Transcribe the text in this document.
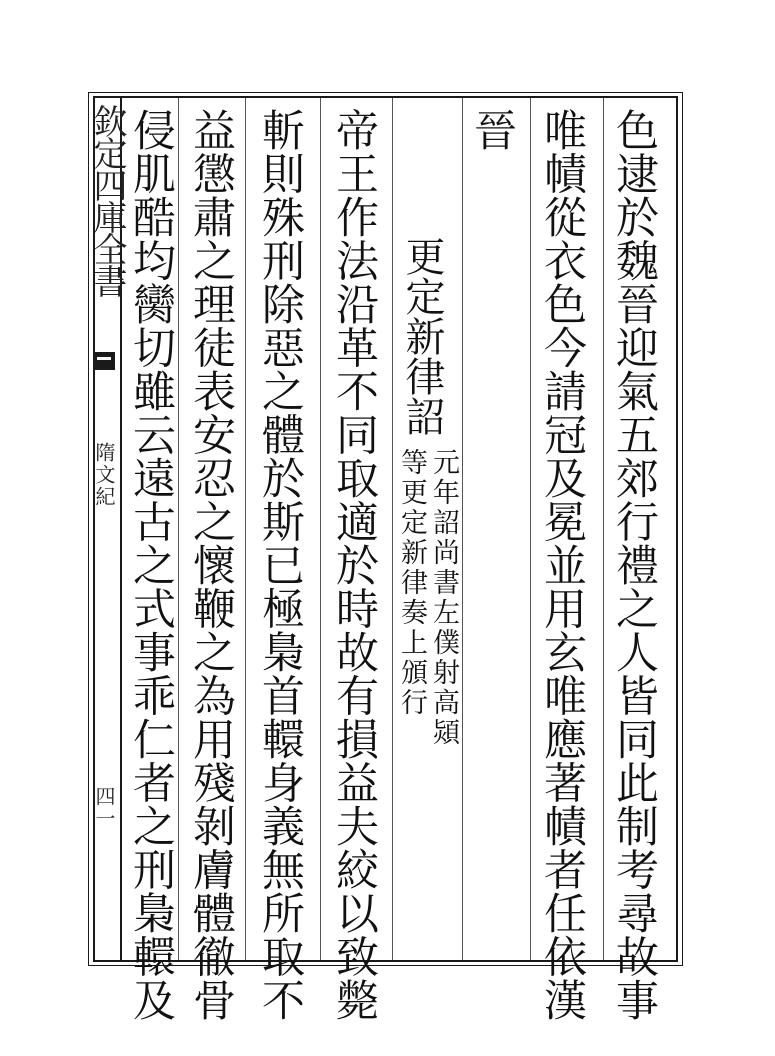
色逮於魏晉迎氣五郊行禮之人皆同此制考尋故事
唯幘從衣色今請冠及冕並用玄唯應著幘者任依漢
晉
更定新律詔
元年詔尚書左僕射高熲
等更定新律奏上頒行
帝王作法沿革不同取適於時故有損益夫絞以致斃
斬則殊刑除惡之體於斯已極梟首轘身義無所取不
益懲肅之理徒表安忍之懷鞭之為用殘剝膚體徹骨
侵肌酷均臠切雖云遠古之式事乖仁者之刑梟轘及
欽定四庫全書
隋文紀
四一
